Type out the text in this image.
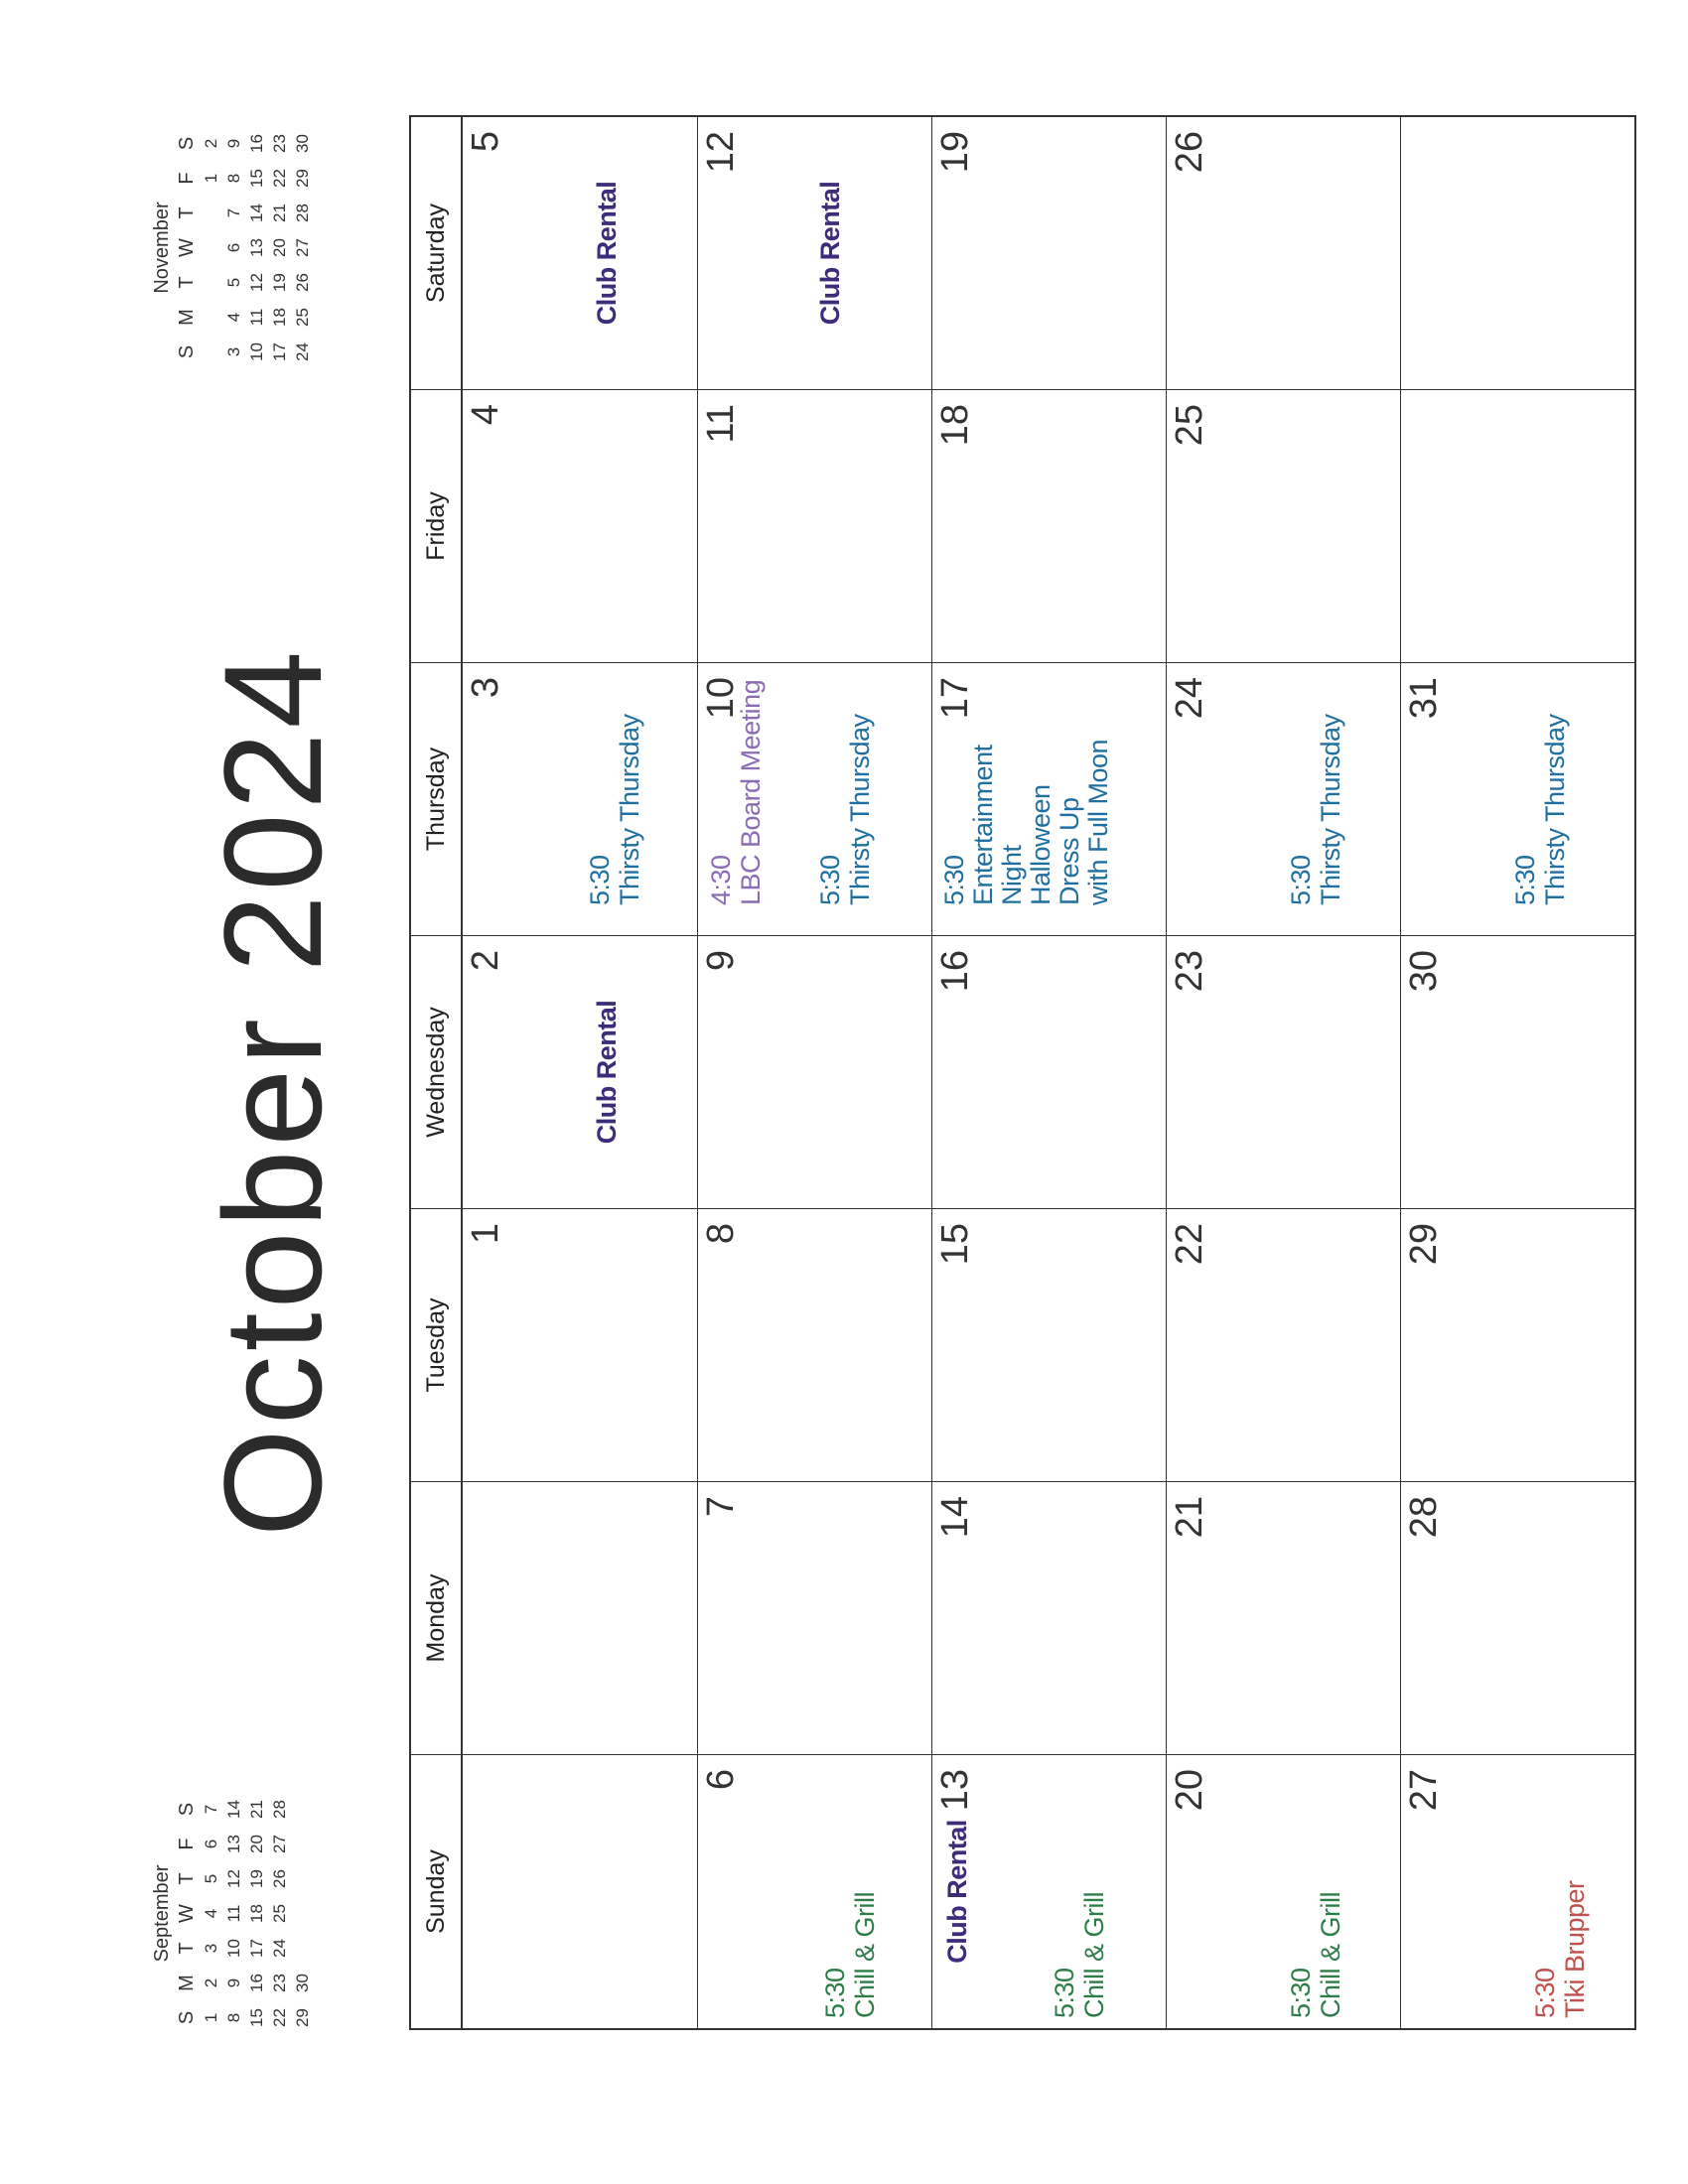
September
S
M
T
W
T
F
S
1
2
3
4
5
6
7
8
9
10
11
12
13
14
15
16
17
18
19
20
21
22
23
24
25
26
27
28
29
30
October 2024
November
S
M
T
W
T
F
S
1
2
3
4
5
6
7
8
9
10
11
12
13
14
15
16
17
18
19
20
21
22
23
24
25
26
27
28
29
30
Sunday
Monday
Tuesday
Wednesday
Thursday
Friday
Saturday
1
2
Club Rental
3
5:30 Thirsty Thursday
4
5
Club Rental
6
5:30 Chill & Grill
7
8
9
10
4:30 LBC Board Meeting 5:30 Thirsty Thursday
11
12
Club Rental
13
Club Rental
5:30 Chill & Grill
14
15
16
17
5:30 Entertainment Night Halloween Dress Up with Full Moon
18
19
20
5:30 Chill & Grill
21
22
23
24
5:30 Thirsty Thursday
25
26
27
5:30 Tiki Brupper
28
29
30
31
5:30 Thirsty Thursday
